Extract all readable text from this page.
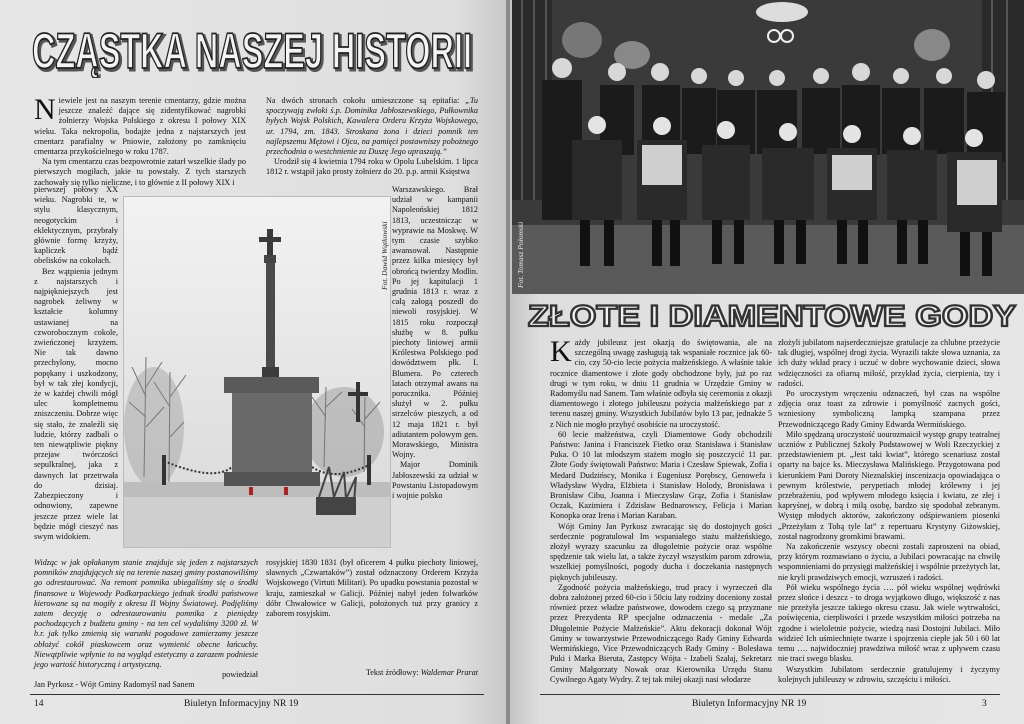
CZĄSTKA NASZEJ HISTORII
CZĄSTKA NASZEJ HISTORII
N iewiele jest na naszym terenie cmentarzy, gdzie można jeszcze znaleźć dające się zidentyfikować nagrobki żołnierzy Wojska Polskiego z okresu I połowy XIX wieku. Taka nekropolia, bodajże jedna z najstarszych jest cmentarz parafialny w Pniowie, założony po zamknięciu cmentarza przykościelnego w roku 1787.

Na tym cmentarzu czas bezpowrotnie zatarł wszelkie ślady po pierwszych mogiłach, jakie tu powstały. Z tych starszych zachowały się tylko nieliczne, i to głównie z II połowy XIX i

pierwszej połowy XX wieku. Nagrobki te, w stylu klasycznym, neogotyckim i eklektycznym, przybrały głównie formę krzyży, kapliczek bądź obelisków na cokołach.

Bez wątpienia jednym z najstarszych i najpiękniejszych jest nagrobek żeliwny w kształcie kolumny ustawianej na czworobocznym cokole, zwieńczonej krzyżem. Nie tak dawno przechylony, mocno popękany i uszkodzony, był w tak złej kondycji, że w każdej chwili mógł ulec kompletnemu zniszczeniu. Dobrze więc się stało, że znaleźli się ludzie, którzy zadbali o ten niewątpliwie piękny przejaw twórczości sepulkralnej, jaka z dawnych lat przetrwała do dzisiaj. Zabezpieczony i odnowiony, zapewne jeszcze przez wiele lat będzie mógł cieszyć nas swym widokiem.

Fot. Dawid Wątkowski

Widząc w jak opłakanym stanie znajduje się jeden z najstarszych pomników znajdujących się na terenie naszej gminy postanowiliśmy go odrestaurować. Na remont pomnika ubiegaliśmy się o środki finansowe u Wojewody Podkarpackiego jednak środki państwowe kierowane są na mogiły z okresu II Wojny Światowej. Podjęliśmy zatem decyzję o odrestaurowaniu pomnika z pieniędzy pochodzących z budżetu gminy - na ten cel wydaliśmy 3200 zł. W b.r. jak tylko zmienią się warunki pogodowe zamierzamy jeszcze obłożyć cokół piaskowcem oraz wymienić obecne łańcuchy. Niewątpliwie wpłynie to na wygląd estetyczny a zarazem podniesie jego wartość historyczną i artystyczną.

powiedział

Jan Pyrkosz - Wójt Gminy Radomyśl nad Sanem

Na dwóch stronach cokołu umieszczone są epitafia: „Tu spoczywają zwłoki ś.p. Dominika Jabłoszewskiego, Pułkownika byłych Wojsk Polskich, Kawalera Orderu Krzyża Wojskowego, ur. 1794, zm. 1843. Stroskana żona i dzieci pomnik ten najlepszemu Mężowi i Ojcu, na pamięci postawniszy pobożnego przechodnia o westchnienie za Duszę Jego upraszają.”

Urodził się 4 kwietnia 1794 roku w Opolu Lubelskim. 1 lipca 1812 r. wstąpił jako prosty żołnierz do 20. p.p. armii Księstwa

Warszawskiego. Brał udział w kampanii Napoleońskiej 1812 1813, uczestnicząc w wyprawie na Moskwę. W tym czasie szybko awansował. Następnie przez kilka miesięcy był obrońcą twierdzy Modlin. Po jej kapitulacji 1 grudnia 1813 r. wraz z całą załogą poszedł do niewoli rosyjskiej. W 1815 roku rozpoczął służbę w 8. pułku piechoty liniowej armii Królestwa Polskiego pod dowództwem płk. I. Blumera. Po czterech latach otrzymał awans na porucznika. Później służył w 2. pułku strzelców pieszych, a od 12 maja 1821 r. był adiutantem polowym gen. Morawskiego, Ministra Wojny.

Major Dominik Jabłoszewski za udział w Powstaniu Listopadowym i wojnie polsko

rosyjskiej 1830 1831 (był oficerem 4 pułku piechoty liniowej, sławnych „Czwartaków”) został odznaczony Orderem Krzyża Wojskowego (Virtuti Militari). Po upadku powstania pozostał w kraju, zamieszkał w Galicji. Później nabył jeden folwarków dóbr Chwałowice w Galicji, położonych tuż przy granicy z zaborem rosyjskim.

Tekst źródłowy: Waldemar Prarat
14	Biuletyn Informacyjny NR 19
Fot. Tomasz Połomski
ZŁOTE I DIAMENTOWE GODY
K ażdy jubileusz jest okazją do świętowania, ale na szczególną uwagę zasługują tak wspaniałe rocznice jak 60-cio, czy 50-cio lecie pożycia małżeńskiego. A właśnie takie rocznice diamentowe i złote gody obchodzone były, już po raz drugi w tym roku, w dniu 11 grudnia w Urzędzie Gminy w Radomyślu nad Sanem. Tam właśnie odbyła się ceremonia z okazji diamentowego i złotego jubileuszu pożycia małżeńskiego par z terenu naszej gminy. Wszystkich Jubilatów było 13 par, jednakże 5 z Nich nie mogło przybyć osobiście na uroczystość.

60 lecie małżeństwa, czyli Diamentowe Gody obchodzili Państwo: Janina i Franciszek Fietko oraz Stanisława i Stanisław Puka. O 10 lat młodszym stażem mogło się poszczycić 11 par. Złote Gody świętowali Państwo: Maria i Czesław Spiewak, Zofia i Medard Dudzińscy, Monika i Eugeniusz Porębscy, Genowefa i Władysław Wydra, Elżbieta i Stanisław Holody, Bronisława i Bronisław Cibu, Joanna i Mieczysław Grąz, Zofia i Stanisław Oczak, Kazimiera i Zdzisław Bednarowscy, Felicja i Marian Konopka oraz Irena i Marian Karaban.

Wójt Gminy Jan Pyrkosz zwracając się do dostojnych gości serdecznie pogratulował Im wspaniałego stażu małżeńskiego, złożył wyrazy szacunku za długoletnie pożycie oraz wspólne spędzenie tak wielu lat, a także życzył wszystkim parom zdrowia, wszelkiej pomyślności, pogody ducha i doczekania następnych pięknych jubileuszy.

Zgodność pożycia małżeńskiego, trud pracy i wyrzeczeń dla dobra założonej przed 60-cio i 50ciu laty rodziny doceniony został również przez władze państwowe, dowodem czego są przyznane przez Prezydenta RP specjalne odznaczenia - medale „Za Długoletnie Pożycie Małżeńskie”. Aktu dekoracji dokonał Wójt Gminy w towarzystwie Przewodniczącego Rady Gminy Edwarda Wermińskiego, Vice Przewodniczących Rady Gminy - Bolesława Puki i Marka Bieruta, Zastępcy Wójta - Izabeli Szałaj, Sekretarz Gminy Małgorzaty Nowak oraz Kierownika Urzędu Stanu Cywilnego Agaty Wydry. Z tej tak miłej okazji nasi włodarze

złożyli jubilatom najserdeczniejsze gratulacje za chlubne przeżycie tak długiej, wspólnej drogi życia. Wyrazili także słowa uznania, za ich duży wkład pracy i uczuć w dobre wychowanie dzieci, słowa wdzięczności za ofiarną miłość, przykład życia, cierpienia, tzy i radości.

Po uroczystym wręczeniu odznaczeń, był czas na wspólne zdjęcia oraz toast za zdrowie i pomyślność zacnych gości, wzniesiony symboliczną lampką szampana przez Przewodniczącego Rady Gminy Edwarda Wermińskiego.

Miło spędzaną uroczystość uourozmaicił występ grupy teatralnej uczniów z Publicznej Szkoły Podstawowej w Woli Rzeczyckiej z przedstawieniem pt. „Jest taki kwiat”, którego scenariusz został oparty na bajce ks. Mieczysława Malińskiego. Przygotowana pod kierunkiem Pani Doroty Nieznalskiej inscenizacja opowiadająca o pewnym królestwie, perypetiach młodej królewny i jej przebraźeniu, pod wpływem młodego księcia i kwiatu, ze złej i kapryśnej, w dobrą i miłą osobę, bardzo się spodobał zebranym. Występ młodych aktorów, zakończony odśpiewaniem piosenki „Przeżyłam z Tobą tyle lat” z repertuaru Krystyny Giżowskiej, został nagrodzony gromkimi brawami.

Na zakończenie wszyscy obecni zostali zaproszeni na obiad, przy którym rozmawiano o życiu, a Jubilaci powracając na chwilę wspomnieniami do przysięgi małżeńskiej i wspólnie przeżytych lat, nie kryli prawdziwych emocji, wzruszeń i radości.

Pół wieku wspólnego życia …. pół wieku wspólnej wędrówki przez słońce i deszcz - to droga wyjątkowo długo, większość z nas nie przeżyła jeszcze takiego okresu czasu. Jak wiele wytrwałości, poświęcenia, cierpliwości i przede wszystkim miłości potrzeba na zgodne i wieloletnie pożycie, wiedzą nasi Dostojni Jubilaci. Miło widzieć Ich uśmiechnięte twarze i spojrzenia ciepłe jak 50 i 60 lat temu …. najwidoczniej prawdziwa miłość wraz z upływem czasu nie traci swego blasku.

Wszystkim Jubilatom serdecznie gratulujemy i życzymy kolejnych jubileuszy w zdrowiu, szczęściu i miłości.

Biuletyn Informacyjny NR 19	3
